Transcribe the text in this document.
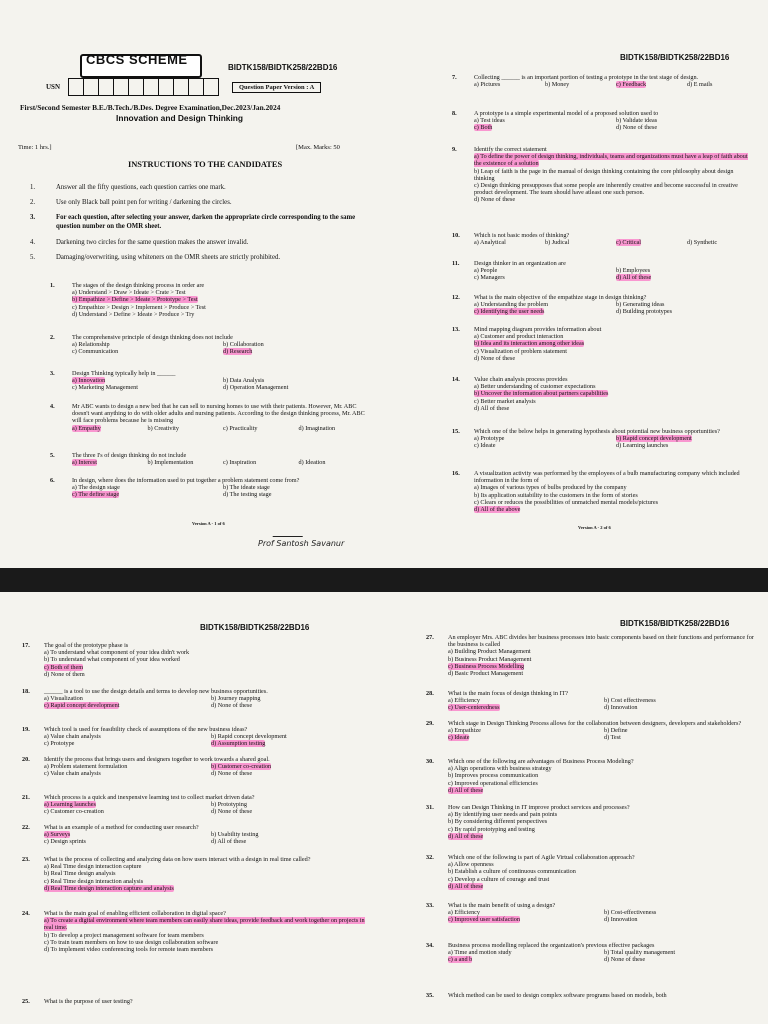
CBCS SCHEME
BIDTK158/BIDTK258/22BD16
USN	Question Paper Version : A
First/Second Semester B.E./B.Tech./B.Des. Degree Examination,Dec.2023/Jan.2024
Innovation and Design Thinking
Time: 1 hrs.]	[Max. Marks: 50
INSTRUCTIONS TO THE CANDIDATES
1.	Answer all the fifty questions, each question carries one mark.
2.	Use only Black ball point pen for writing / darkening the circles.
3.	For each question, after selecting your answer, darken the appropriate circle corresponding to the same question number on the OMR sheet.
4.	Darkening two circles for the same question makes the answer invalid.
5.	Damaging/overwriting, using whiteners on the OMR sheets are strictly prohibited.
1.	The stages of the design thinking process in order are
a) Understand > Draw > Ideate > Crate > Test
b) Empathize > Define > Ideate > Prototype > Test
c) Empathize > Design > Implement > Produce > Test
d) Understand > Define > Ideate > Produce > Try
2.	The comprehensive principle of design thinking does not include
a) Relationship	b) Collaboration
c) Communication	d) Research
3.	Design Thinking typically help in ______
a) Innovation	b) Data Analysis
c) Marketing Management	d) Operation Management
4.	Mr ABC wants to design a new bed that he can sell to nursing homes to use with their patients. However, Mr. ABC doesn't want anything to do with older adults and nursing patients. According to the design thinking process, Mr. ABC will face problems because he is missing
a) Empathy	b) Creativity	c) Practicality	d) Imagination
5.	The three I's of design thinking do not include
a) Interest	b) Implementation	c) Inspiration	d) Ideation
6.	In design, where does the information used to put together a problem statement come from?
a) The design stage	b) The ideate stage
c) The define stage	d) The testing stage
Version A - 1 of 6
Prof Santosh Savanur
BIDTK158/BIDTK258/22BD16
7.	Collecting ______ is an important portion of testing a prototype in the test stage of design.
a) Pictures	b) Money	c) Feedback	d) E mails
8.	A prototype is a simple experimental model of a proposed solution used to
a) Test ideas	b) Validate ideas
c) Both	d) None of these
9.	Identify the correct statement
a) To define the power of design thinking, individuals, teams and organizations must have a leap of faith about the existence of a solution
b) Leap of faith is the page in the manual of design thinking containing the core philosophy about design thinking
c) Design thinking presupposes that some people are inherently creative and become successful in creative product development. The team should have atleast one such person.
d) None of these
10. Which is not basic modes of thinking?
a) Analytical	b) Judical	c) Critical	d) Synthetic
11. Design thinker in an organization are
a) People	b) Employees
c) Managers	d) All of these
12. What is the main objective of the empathize stage in design thinking?
a) Understanding the problem	b) Generating ideas
c) Identifying the user needs	d) Building prototypes
13. Mind mapping diagram provides information about
a) Customer and product interaction
b) Idea and its interaction among other ideas
c) Visualization of problem statement
d) None of these
14. Value chain analysis process provides
a) Better understanding of customer expectations
b) Uncover the information about partners capabilities
c) Better market analysis
d) All of these
15. Which one of the below helps in generating hypothesis about potential new business opportunities?
a) Prototype	b) Rapid concept development
c) Ideate	d) Learning launches
16. A visualization activity was performed by the employees of a bulb manufacturing company which included information in the form of
a) Images of various types of bulbs produced by the company
b) Its application suitability to the customers in the form of stories
c) Clears or reduces the possibilities of unmatched mental models/pictures
d) All of the above
Version A - 2 of 6
BIDTK158/BIDTK258/22BD16
17. The goal of the prototype phase is
a) To understand what component of your idea didn't work
b) To understand what component of your idea worked
c) Both of them
d) None of them
18. ______ is a tool to use the design details and terms to develop new business opportunities.
a) Visualization	b) Journey mapping
c) Rapid concept development	d) None of these
19. Which tool is used for feasibility check of assumptions of the new business ideas?
a) Value chain analysis	b) Rapid concept development
c) Prototype	d) Assumption testing
20. Identify the process that brings users and designers together to work towards a shared goal.
a) Problem statement formulation	b) Customer co-creation
c) Value chain analysis	d) None of these
21. Which process is a quick and inexpensive learning test to collect market driven data?
a) Learning launches	b) Prototyping
c) Customer co-creation	d) None of these
22. What is an example of a method for conducting user research?
a) Surveys	b) Usability testing
c) Design sprints	d) All of these
23. What is the process of collecting and analyzing data on how users interact with a design in real time called?
a) Real Time design interaction capture
b) Real Time design analysis
c) Real Time design interaction analysis
d) Real Time design interaction capture and analysis
24. What is the main goal of enabling efficient collaboration in digital space?
a) To create a digital environment where team members can easily share ideas, provide feedback and work together on projects in real time.
b) To develop a project management software for team members
c) To train team members on how to use design collaboration software
d) To implement video conferencing tools for remote team members
25. What is the purpose of user testing?
BIDTK158/BIDTK258/22BD16
27. An employer Mrs. ABC divides her business processes into basic components based on their functions and performance for the business is called
a) Building Product Management
b) Business Product Management
c) Business Process Modelling
d) Basic Product Management
28. What is the main focus of design thinking in IT?
a) Efficiency	b) Cost effectiveness
c) User-centeredness	d) Innovation
29. Which stage in Design Thinking Process allows for the collaboration between designers, developers and stakeholders?
a) Empathize	b) Define
c) Ideate	d) Test
30. Which one of the following are advantages of Business Process Modeling?
a) Align operations with business strategy
b) Improves process communication
c) Improved operational efficiencies
d) All of these
31. How can Design Thinking in IT improve product services and processes?
a) By identifying user needs and pain points
b) By considering different perspectives
c) By rapid prototyping and testing
d) All of these
32. Which one of the following is part of Agile Virtual collaboration approach?
a) Allow openness
b) Establish a culture of continuous communication
c) Develop a culture of courage and trust
d) All of these
33. What is the main benefit of using a design?
a) Efficiency	b) Cost-effectiveness
c) Improved user satisfaction	d) Innovation
34. Business process modelling replaced the organization's previous effective packages
a) Time and motion study	b) Total quality management
c) a and b	d) None of these
35. Which method can be used to design complex software programs based on models, both
